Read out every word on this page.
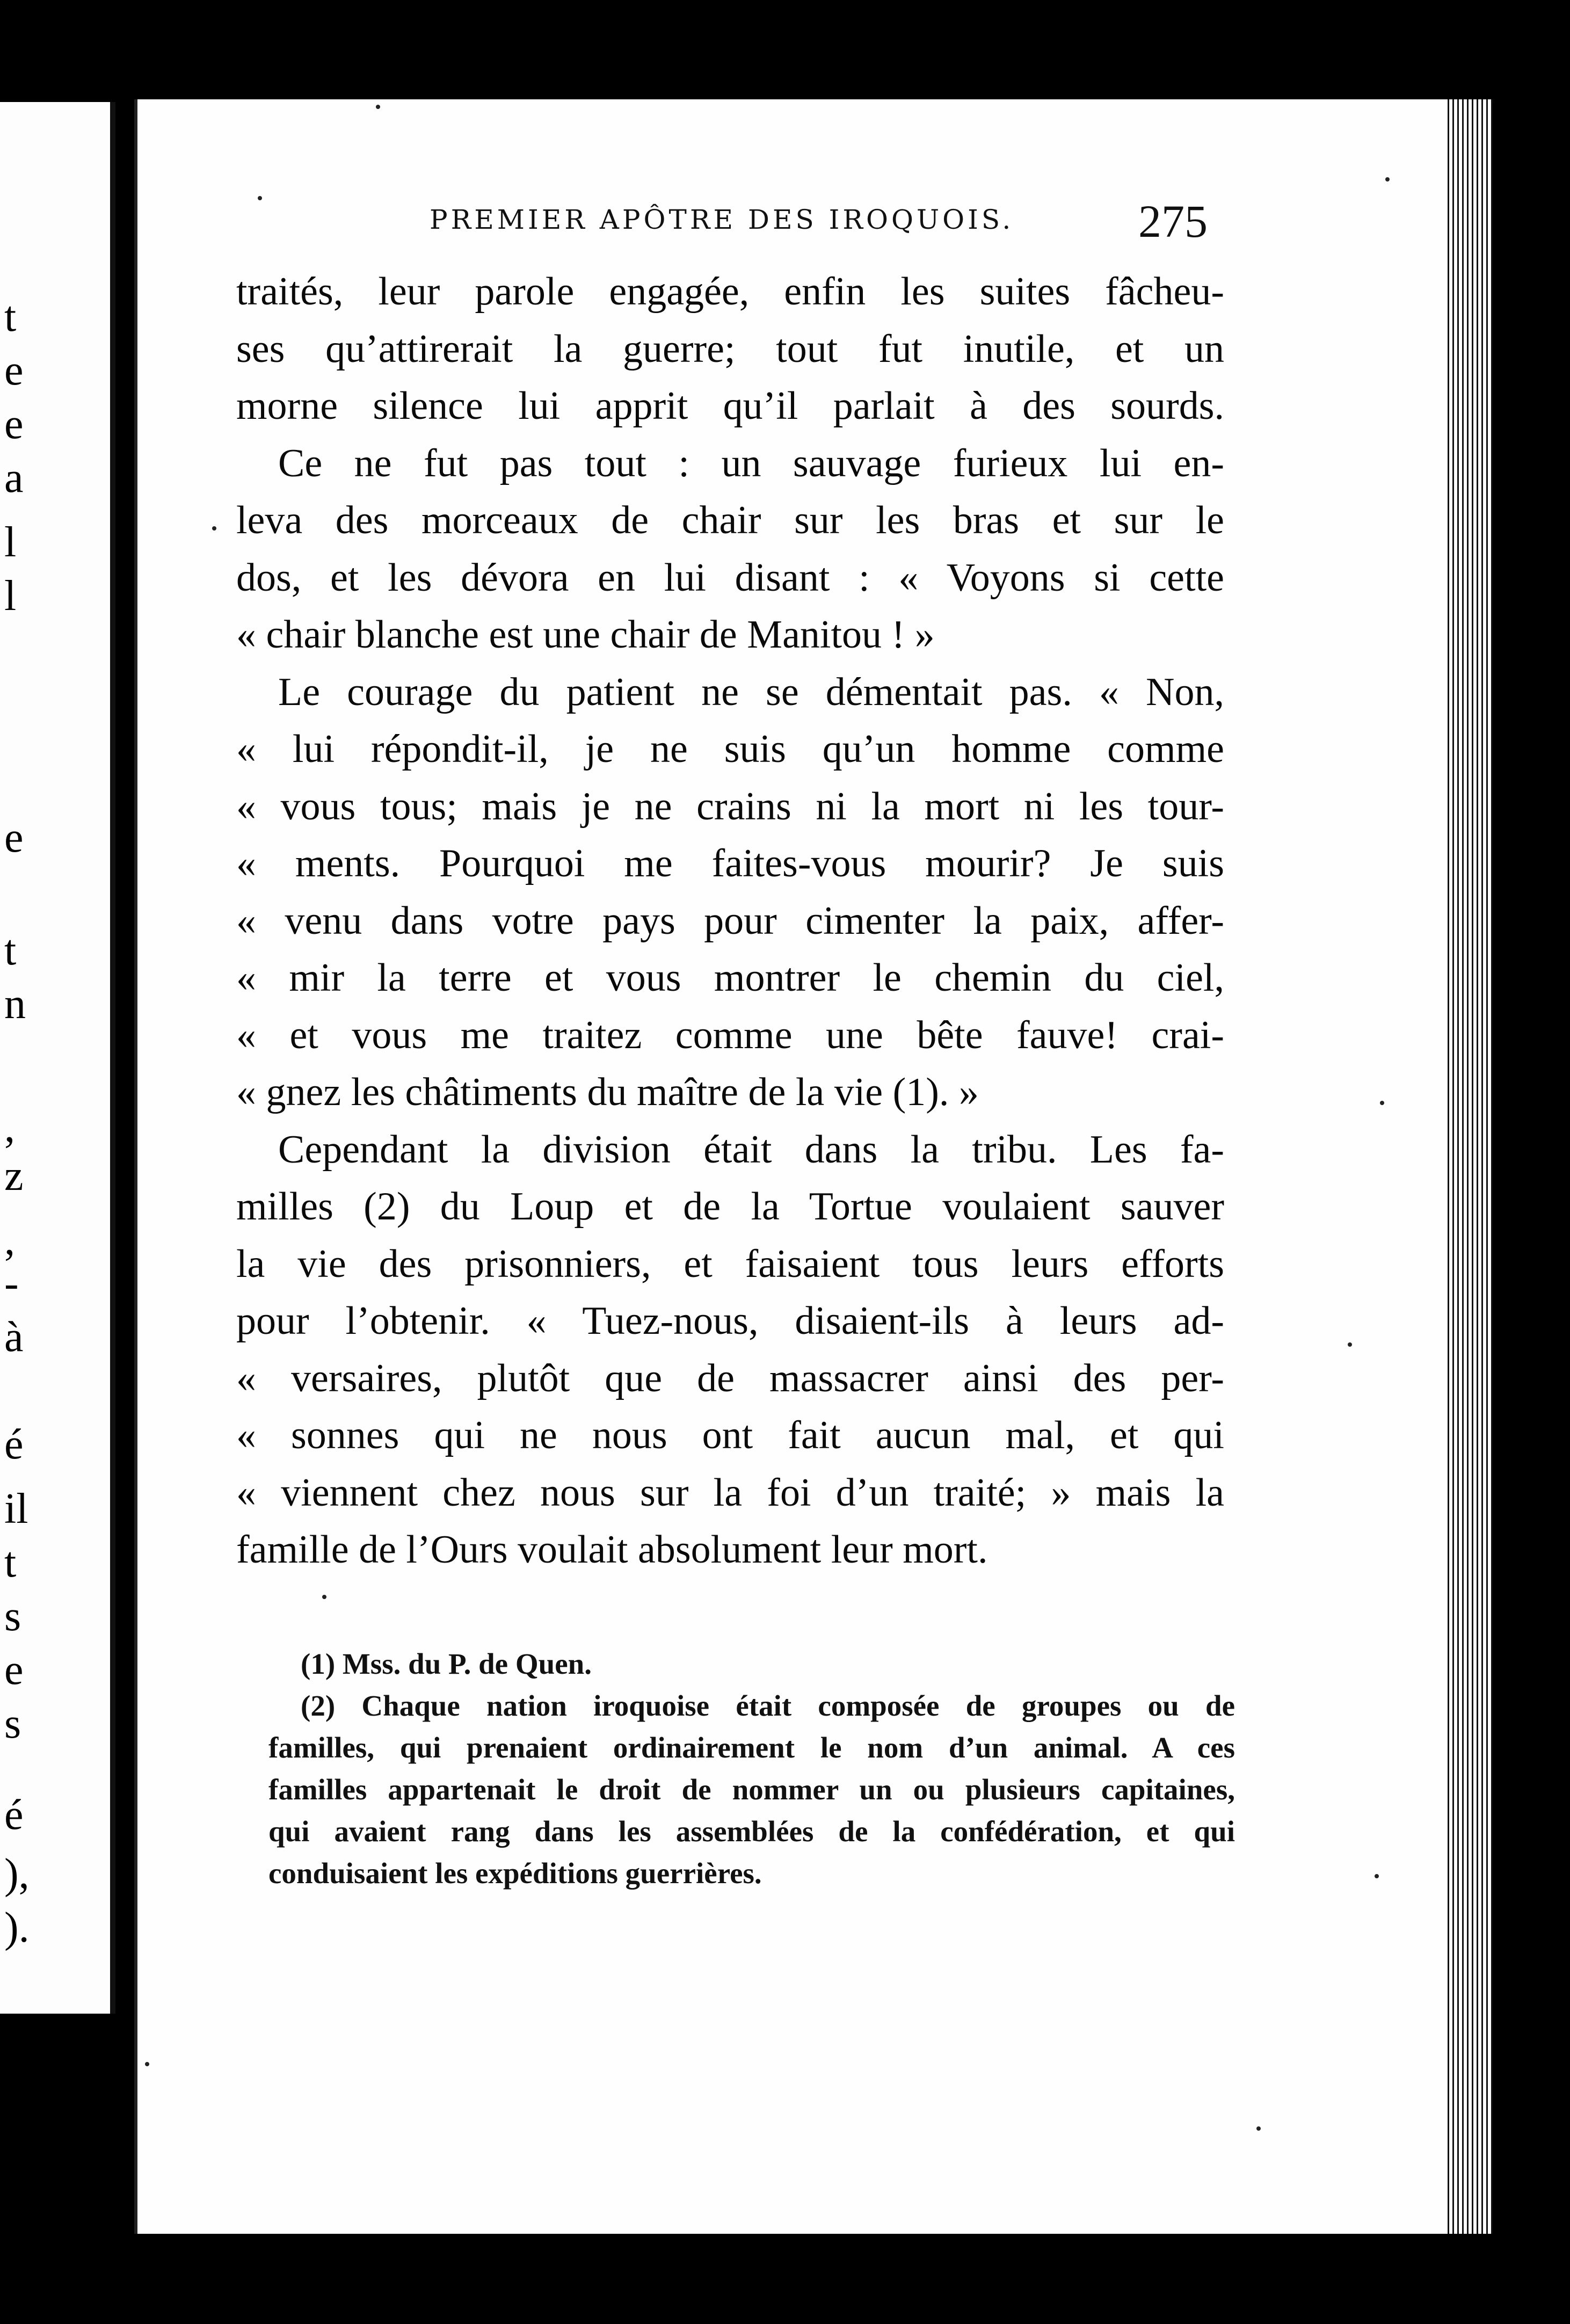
t
e
e
a
l
l
e
t
n
,
z
,
-
à
é
il
t
s
e
s
é
),
).
PREMIER APÔTRE DES IROQUOIS.	275
traités, leur parole engagée, enfin les suites fâcheu-
ses qu’attirerait la guerre; tout fut inutile, et un
morne silence lui apprit qu’il parlait à des sourds.
Ce ne fut pas tout : un sauvage furieux lui en-
leva des morceaux de chair sur les bras et sur le
dos, et les dévora en lui disant : « Voyons si cette
« chair blanche est une chair de Manitou ! »
Le courage du patient ne se démentait pas. « Non,
« lui répondit-il, je ne suis qu’un homme comme
« vous tous; mais je ne crains ni la mort ni les tour-
« ments. Pourquoi me faites-vous mourir? Je suis
« venu dans votre pays pour cimenter la paix, affer-
« mir la terre et vous montrer le chemin du ciel,
« et vous me traitez comme une bête fauve! crai-
« gnez les châtiments du maître de la vie (1). »
Cependant la division était dans la tribu. Les fa-
milles (2) du Loup et de la Tortue voulaient sauver
la vie des prisonniers, et faisaient tous leurs efforts
pour l’obtenir. « Tuez-nous, disaient-ils à leurs ad-
« versaires, plutôt que de massacrer ainsi des per-
« sonnes qui ne nous ont fait aucun mal, et qui
« viennent chez nous sur la foi d’un traité; » mais la
famille de l’Ours voulait absolument leur mort.
(1) Mss. du P. de Quen.
(2) Chaque nation iroquoise était composée de groupes ou de
familles, qui prenaient ordinairement le nom d’un animal. A ces
familles appartenait le droit de nommer un ou plusieurs capitaines,
qui avaient rang dans les assemblées de la confédération, et qui
conduisaient les expéditions guerrières.
